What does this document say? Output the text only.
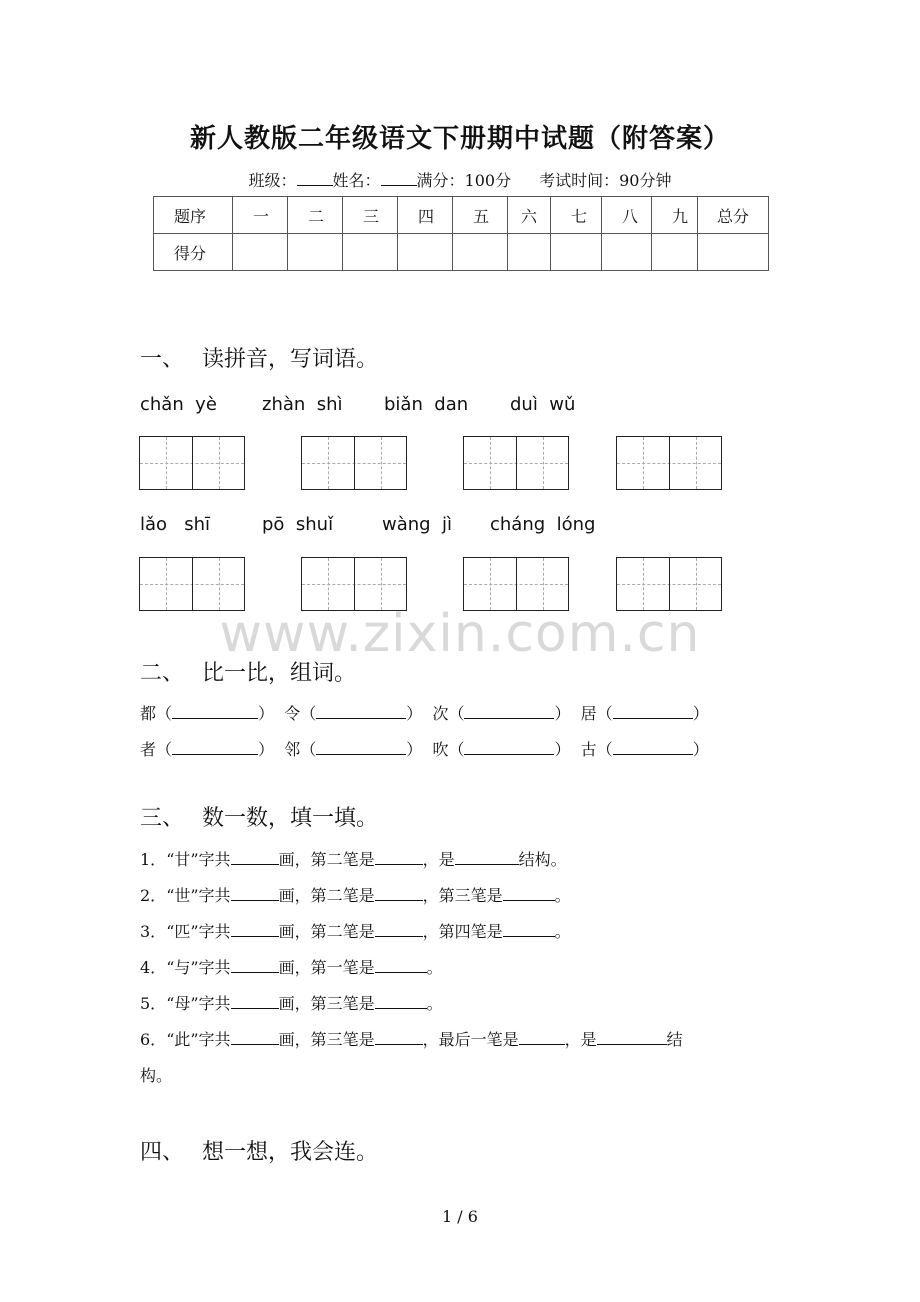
新人教版二年级语文下册期中试题（附答案）
班级： 姓名： 满分：100分 考试时间：90分钟
题序	一	二	三	四	五	六	七	八	九	总分
得分										
一、 读拼音，写词语。
chǎn  yè	zhàn  shì biǎn  dan duì  wǔ
lǎo   shī	pō  shuǐ	wàng  jì cháng  lóng
www.zixin.com.cn
二、 比一比，组词。
都（	）  令（	）  次（	）  居（	）
者（	）  邻（	）  吹（	）  古（	）
三、 数一数，填一填。
1．“甘”字共	画，第二笔是	，是	结构。
2．“世”字共	画，第二笔是	，第三笔是	。
3．“匹”字共	画，第二笔是	，第四笔是	。
4．“与”字共	画，第一笔是	。
5．“母”字共	画，第三笔是	。
6．“此”字共	画，第三笔是	，最后一笔是	，是	结
构。
四、 想一想，我会连。
1 / 6
